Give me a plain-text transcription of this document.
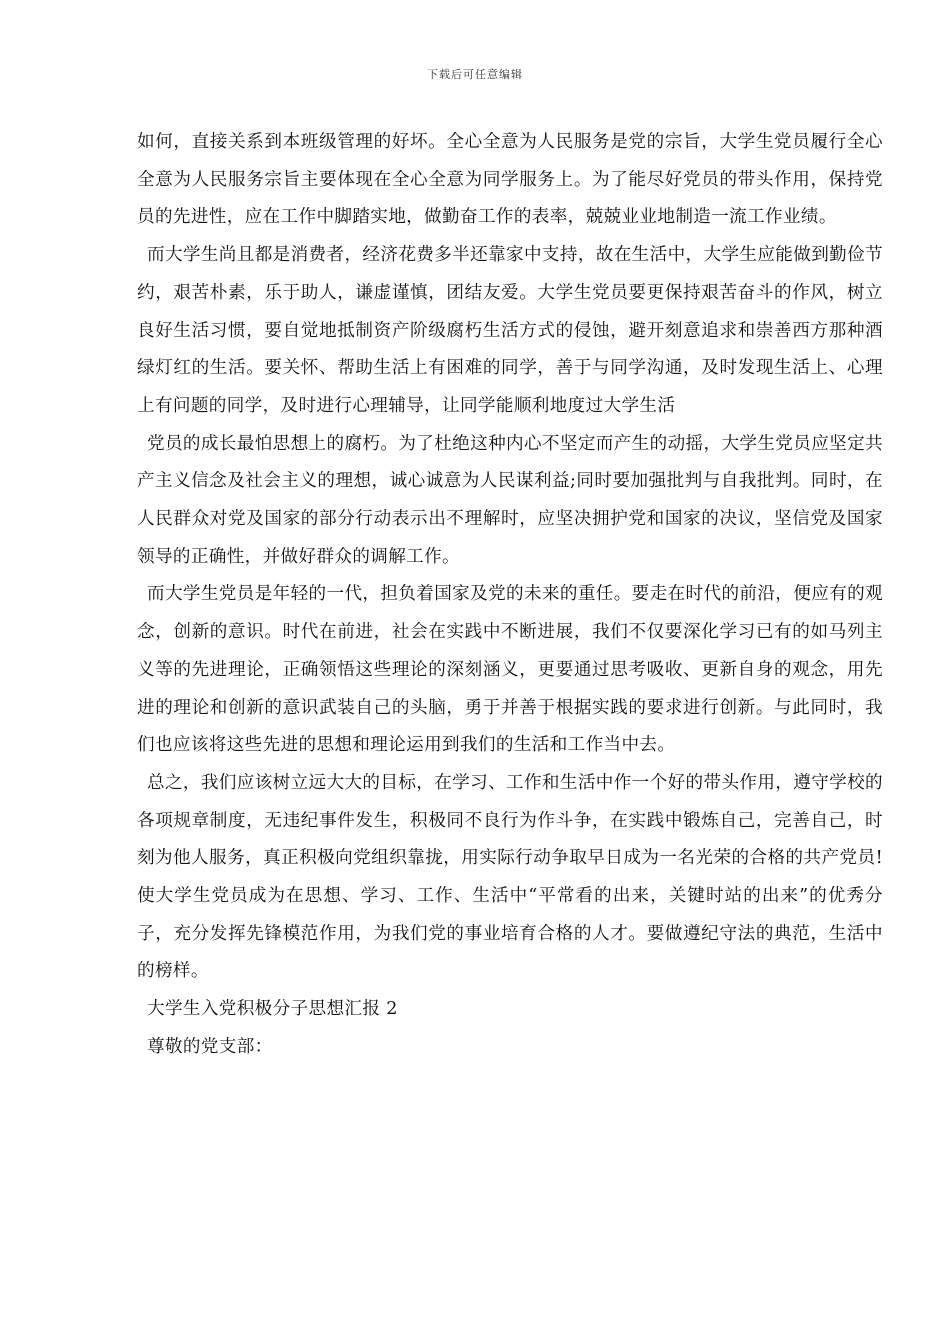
下载后可任意编辑

如何，直接关系到本班级管理的好坏。全心全意为人民服务是党的宗旨，大学生党员履行全心全意为人民服务宗旨主要体现在全心全意为同学服务上。为了能尽好党员的带头作用，保持党员的先进性，应在工作中脚踏实地，做勤奋工作的表率，兢兢业业地制造一流工作业绩。

而大学生尚且都是消费者，经济花费多半还靠家中支持，故在生活中，大学生应能做到勤俭节约，艰苦朴素，乐于助人，谦虚谨慎，团结友爱。大学生党员要更保持艰苦奋斗的作风，树立良好生活习惯，要自觉地抵制资产阶级腐朽生活方式的侵蚀，避开刻意追求和崇善西方那种酒绿灯红的生活。要关怀、帮助生活上有困难的同学，善于与同学沟通，及时发现生活上、心理上有问题的同学，及时进行心理辅导，让同学能顺利地度过大学生活

党员的成长最怕思想上的腐朽。为了杜绝这种内心不坚定而产生的动摇，大学生党员应坚定共产主义信念及社会主义的理想，诚心诚意为人民谋利益;同时要加强批判与自我批判。同时，在人民群众对党及国家的部分行动表示出不理解时，应坚决拥护党和国家的决议，坚信党及国家领导的正确性，并做好群众的调解工作。

而大学生党员是年轻的一代，担负着国家及党的未来的重任。要走在时代的前沿，便应有的观念，创新的意识。时代在前进，社会在实践中不断进展，我们不仅要深化学习已有的如马列主义等的先进理论，正确领悟这些理论的深刻涵义，更要通过思考吸收、更新自身的观念，用先进的理论和创新的意识武装自己的头脑，勇于并善于根据实践的要求进行创新。与此同时，我们也应该将这些先进的思想和理论运用到我们的生活和工作当中去。

总之，我们应该树立远大大的目标，在学习、工作和生活中作一个好的带头作用，遵守学校的各项规章制度，无违纪事件发生，积极同不良行为作斗争，在实践中锻炼自己，完善自己，时刻为他人服务，真正积极向党组织靠拢，用实际行动争取早日成为一名光荣的合格的共产党员!使大学生党员成为在思想、学习、工作、生活中“平常看的出来，关键时站的出来”的优秀分子，充分发挥先锋模范作用，为我们党的事业培育合格的人才。要做遵纪守法的典范，生活中的榜样。

大学生入党积极分子思想汇报 2

尊敬的党支部：
